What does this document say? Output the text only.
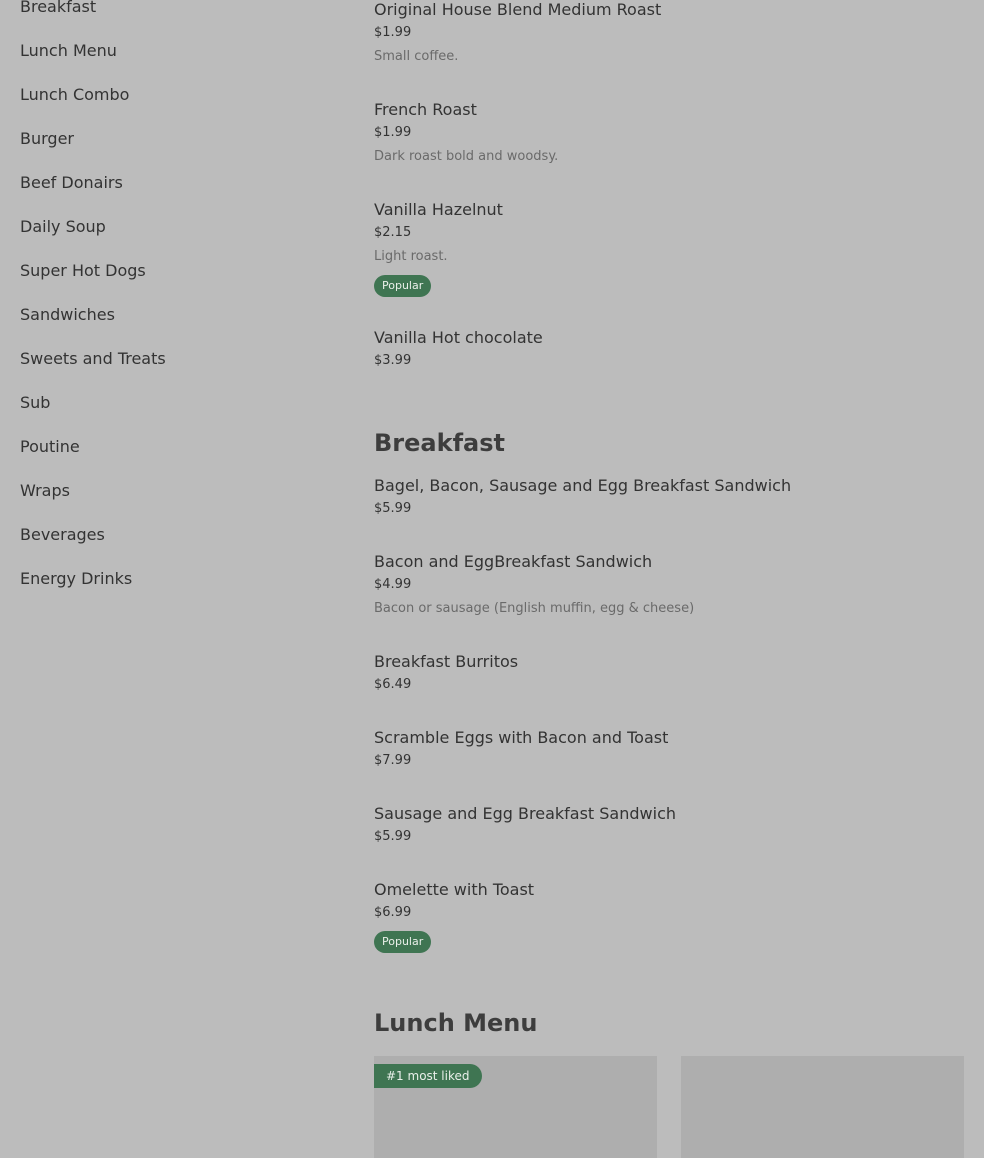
Breakfast
Lunch Menu
Lunch Combo
Burger
Beef Donairs
Daily Soup
Super Hot Dogs
Sandwiches
Sweets and Treats
Sub
Poutine
Wraps
Beverages
Energy Drinks
Original House Blend Medium Roast
$1.99
Small coffee.
French Roast
$1.99
Dark roast bold and woodsy.
Vanilla Hazelnut
$2.15
Light roast.
Popular
Vanilla Hot chocolate
$3.99
Breakfast
Bagel, Bacon, Sausage and Egg Breakfast Sandwich
$5.99
Bacon and EggBreakfast Sandwich
$4.99
Bacon or sausage (English muffin, egg & cheese)
Breakfast Burritos
$6.49
Scramble Eggs with Bacon and Toast
$7.99
Sausage and Egg Breakfast Sandwich
$5.99
Omelette with Toast
$6.99
Popular
Lunch Menu
#1 most liked
